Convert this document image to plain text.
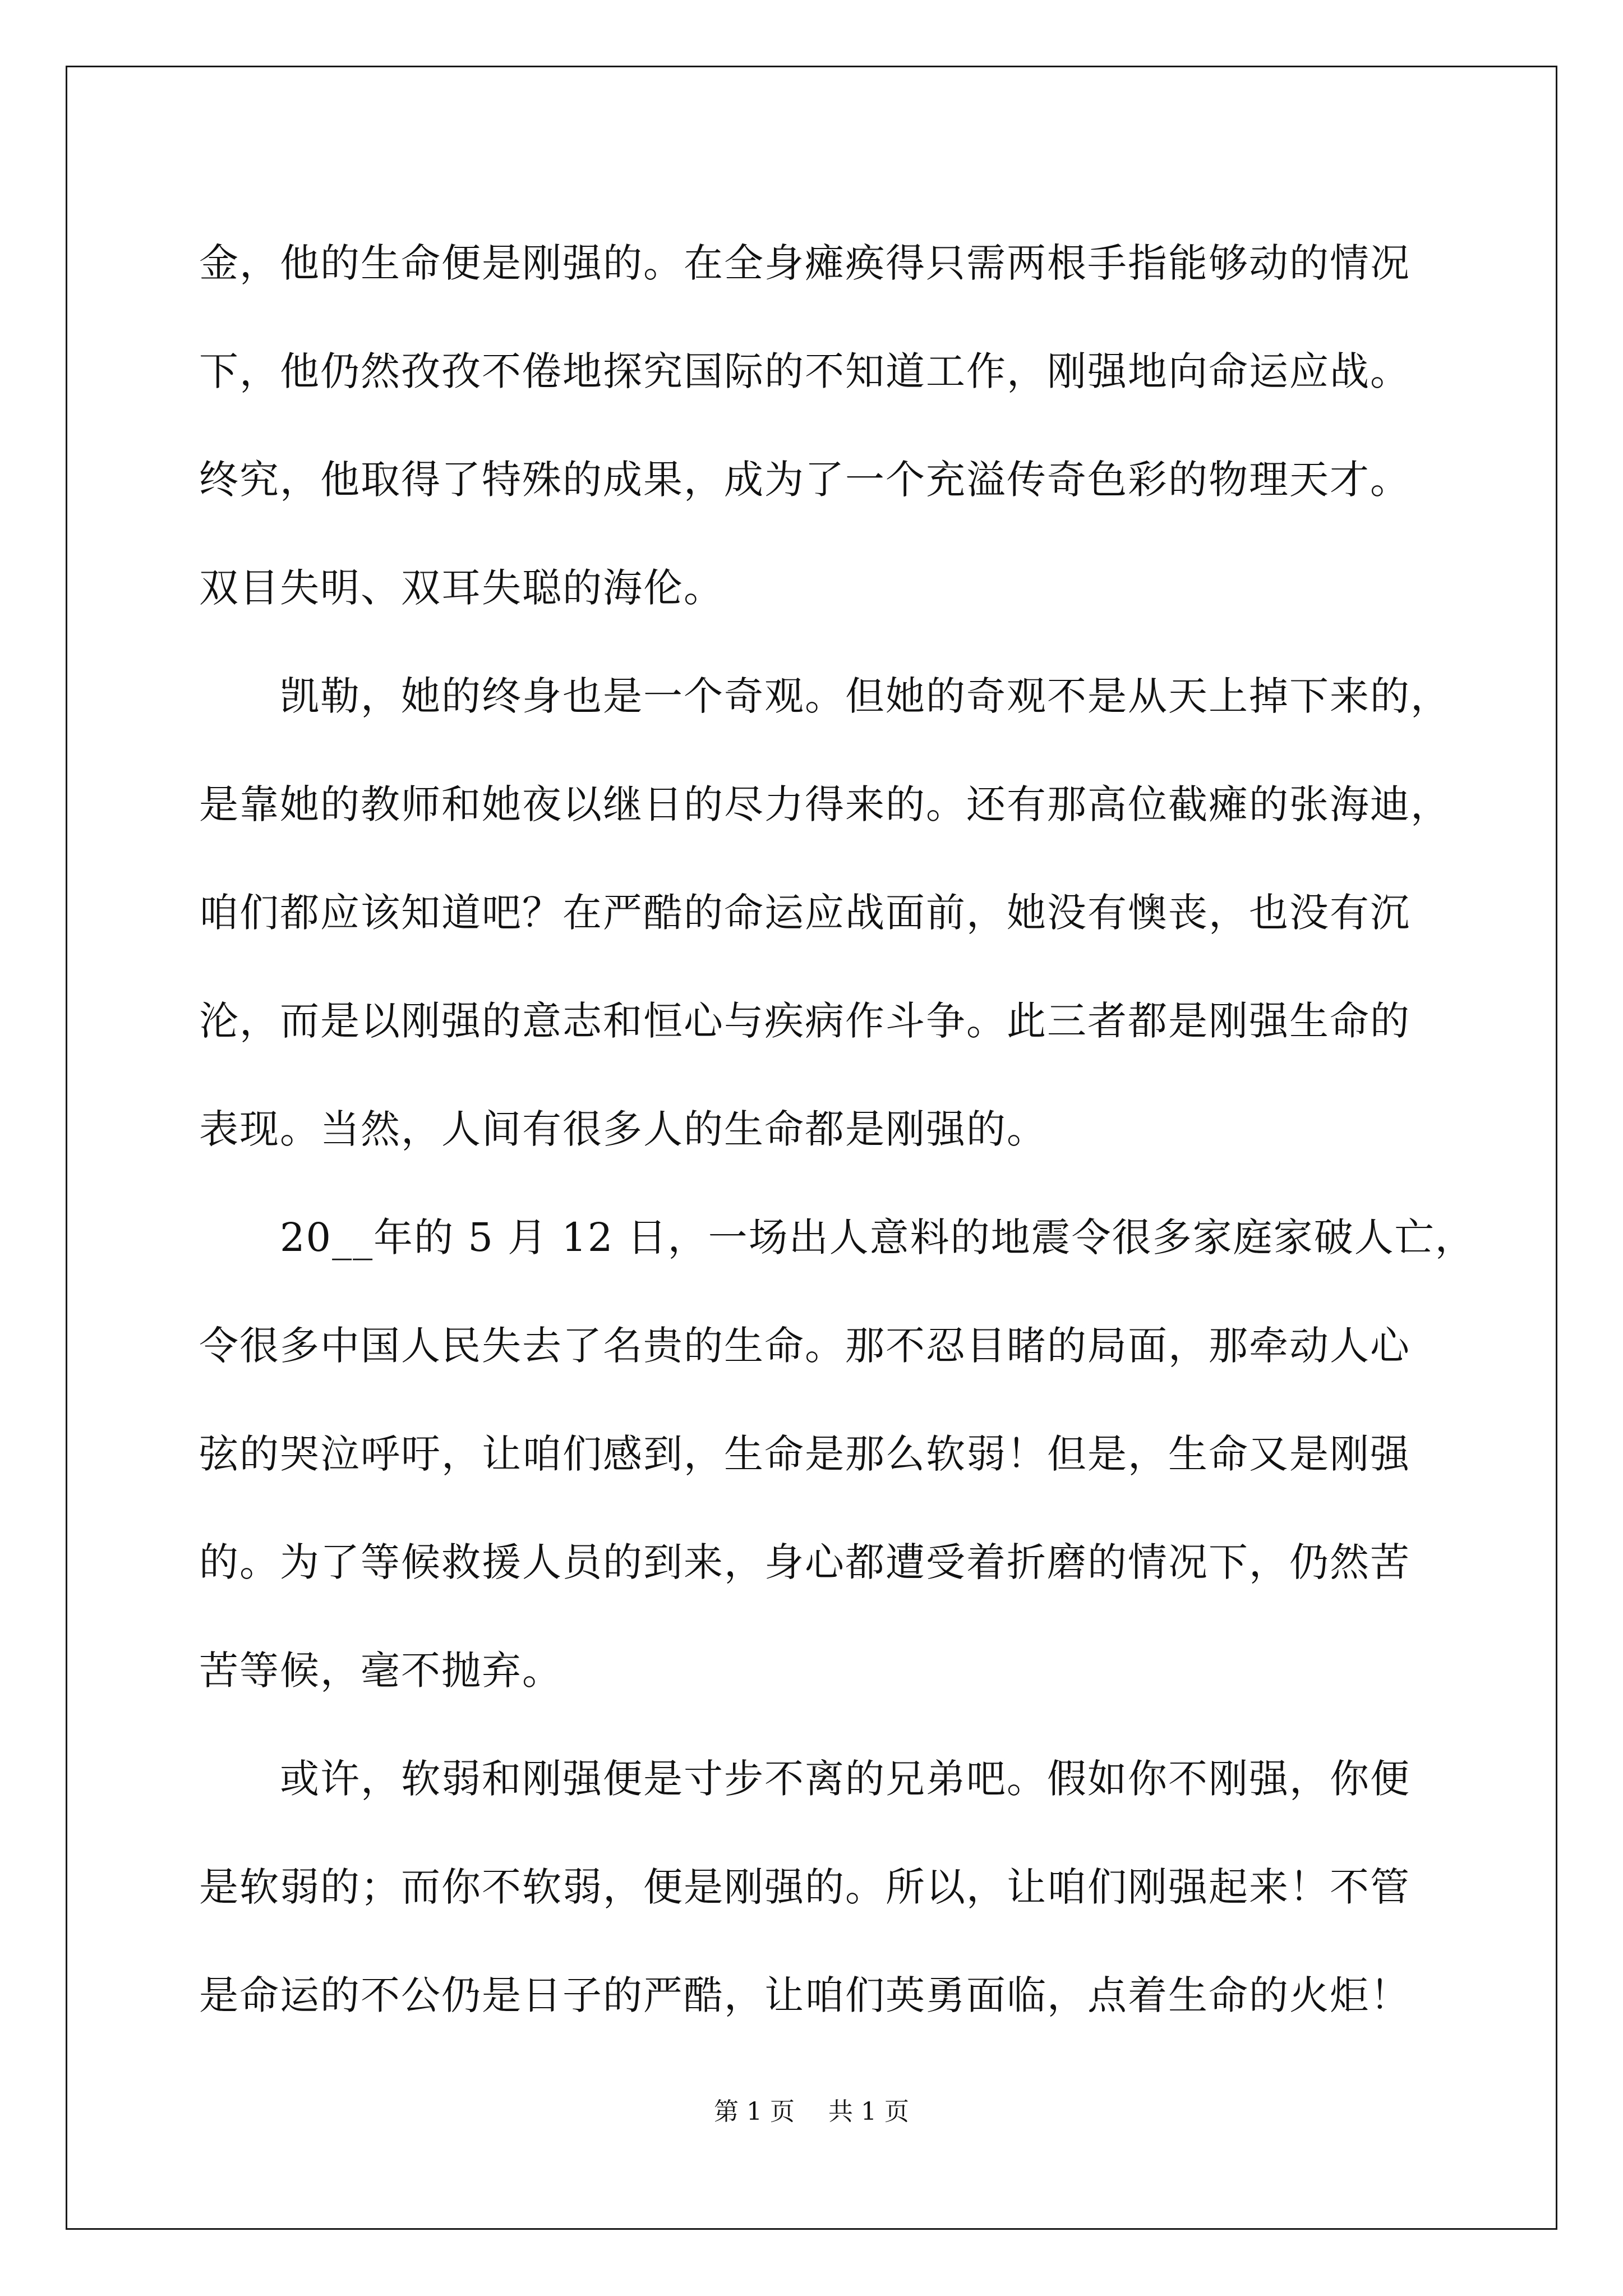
金，他的生命便是刚强的。在全身瘫痪得只需两根手指能够动的情况
下，他仍然孜孜不倦地探究国际的不知道工作，刚强地向命运应战。
终究，他取得了特殊的成果，成为了一个充溢传奇色彩的物理天才。
双目失明、双耳失聪的海伦。
　　凯勒，她的终身也是一个奇观。但她的奇观不是从天上掉下来的，
是靠她的教师和她夜以继日的尽力得来的。还有那高位截瘫的张海迪，
咱们都应该知道吧？在严酷的命运应战面前，她没有懊丧，也没有沉
沦，而是以刚强的意志和恒心与疾病作斗争。此三者都是刚强生命的
表现。当然，人间有很多人的生命都是刚强的。
　　20__年的 5 月 12 日，一场出人意料的地震令很多家庭家破人亡，
令很多中国人民失去了名贵的生命。那不忍目睹的局面，那牵动人心
弦的哭泣呼吁，让咱们感到，生命是那么软弱！但是，生命又是刚强
的。为了等候救援人员的到来，身心都遭受着折磨的情况下，仍然苦
苦等候，毫不抛弃。
　　或许，软弱和刚强便是寸步不离的兄弟吧。假如你不刚强，你便
是软弱的；而你不软弱，便是刚强的。所以，让咱们刚强起来！不管
是命运的不公仍是日子的严酷，让咱们英勇面临，点着生命的火炬！
第 1 页 共 1 页
